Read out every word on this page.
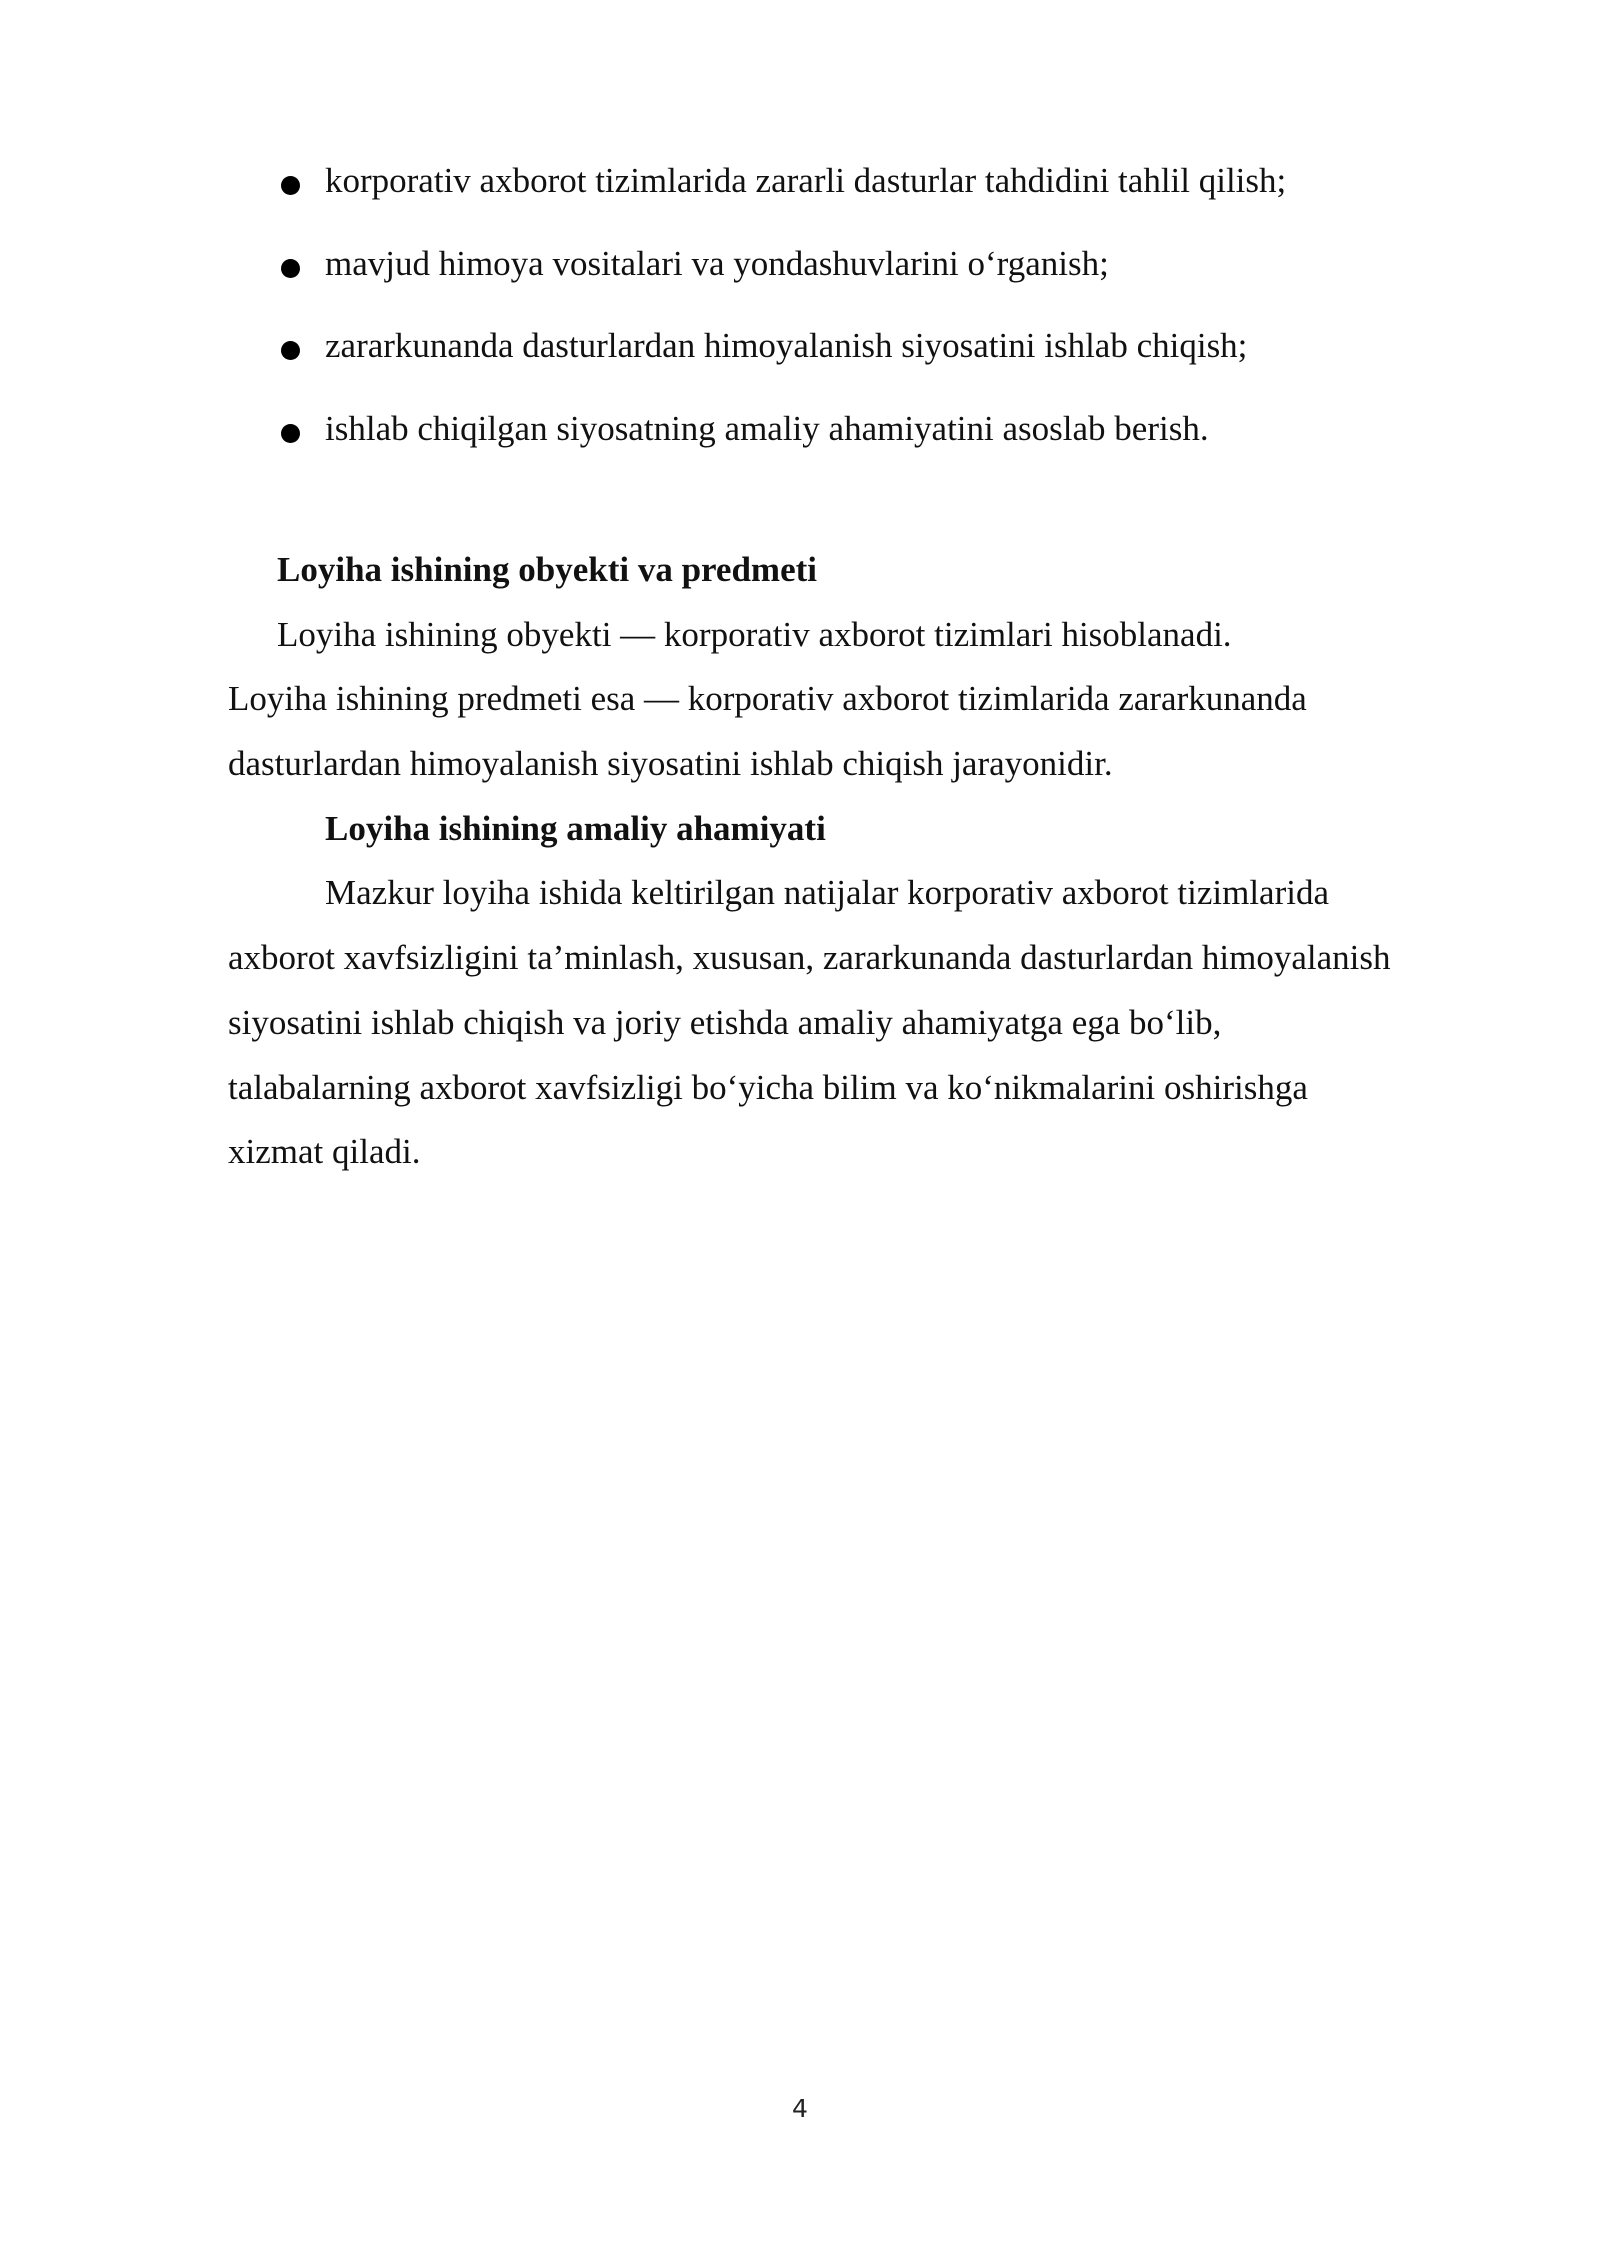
korporativ axborot tizimlarida zararli dasturlar tahdidini tahlil qilish;
mavjud himoya vositalari va yondashuvlarini o‘rganish;
zararkunanda dasturlardan himoyalanish siyosatini ishlab chiqish;
ishlab chiqilgan siyosatning amaliy ahamiyatini asoslab berish.

Loyiha ishining obyekti va predmeti

Loyiha ishining obyekti — korporativ axborot tizimlari hisoblanadi.

Loyiha ishining predmeti esa — korporativ axborot tizimlarida zararkunanda

dasturlardan himoyalanish siyosatini ishlab chiqish jarayonidir.

Loyiha ishining amaliy ahamiyati

Mazkur loyiha ishida keltirilgan natijalar korporativ axborot tizimlarida

axborot xavfsizligini ta’minlash, xususan, zararkunanda dasturlardan himoyalanish

siyosatini ishlab chiqish va joriy etishda amaliy ahamiyatga ega bo‘lib,

talabalarning axborot xavfsizligi bo‘yicha bilim va ko‘nikmalarini oshirishga

xizmat qiladi.

4
